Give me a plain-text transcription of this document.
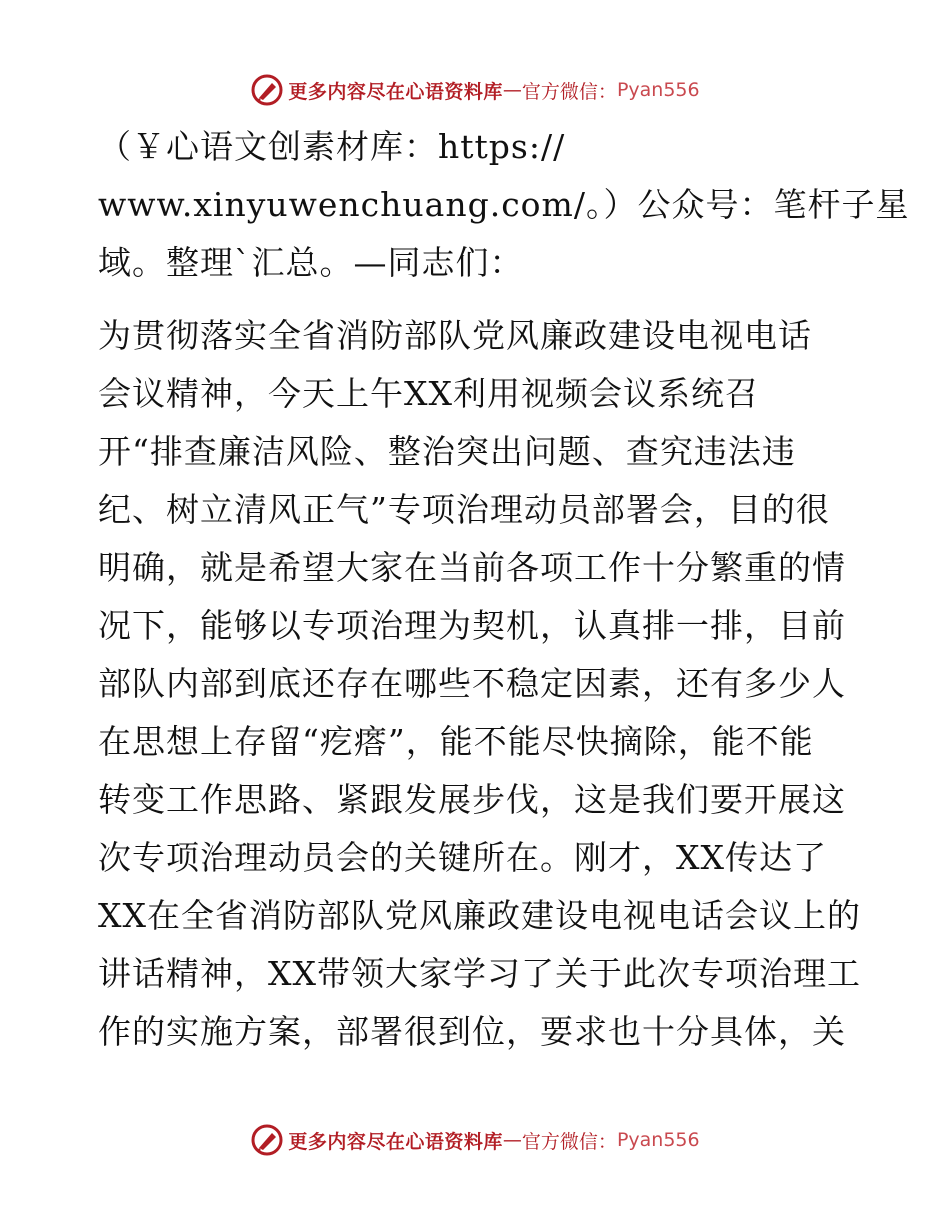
更多内容尽在心语资料库 — 官方微信： Pyan556
（￥心语文创素材库：https://
www.xinyuwenchuang.com/。）公众号：笔杆子星
域。整理`汇总。—同志们：
为贯彻落实全省消防部队党风廉政建设电视电话
会议精神，今天上午XX利用视频会议系统召
开“排查廉洁风险、整治突出问题、查究违法违
纪、树立清风正气”专项治理动员部署会，目的很
明确，就是希望大家在当前各项工作十分繁重的情
况下，能够以专项治理为契机，认真排一排，目前
部队内部到底还存在哪些不稳定因素，还有多少人
在思想上存留“疙瘩”，能不能尽快摘除，能不能
转变工作思路、紧跟发展步伐，这是我们要开展这
次专项治理动员会的关键所在。刚才，XX传达了
XX在全省消防部队党风廉政建设电视电话会议上的
讲话精神，XX带领大家学习了关于此次专项治理工
作的实施方案，部署很到位，要求也十分具体，关
更多内容尽在心语资料库 — 官方微信： Pyan556
